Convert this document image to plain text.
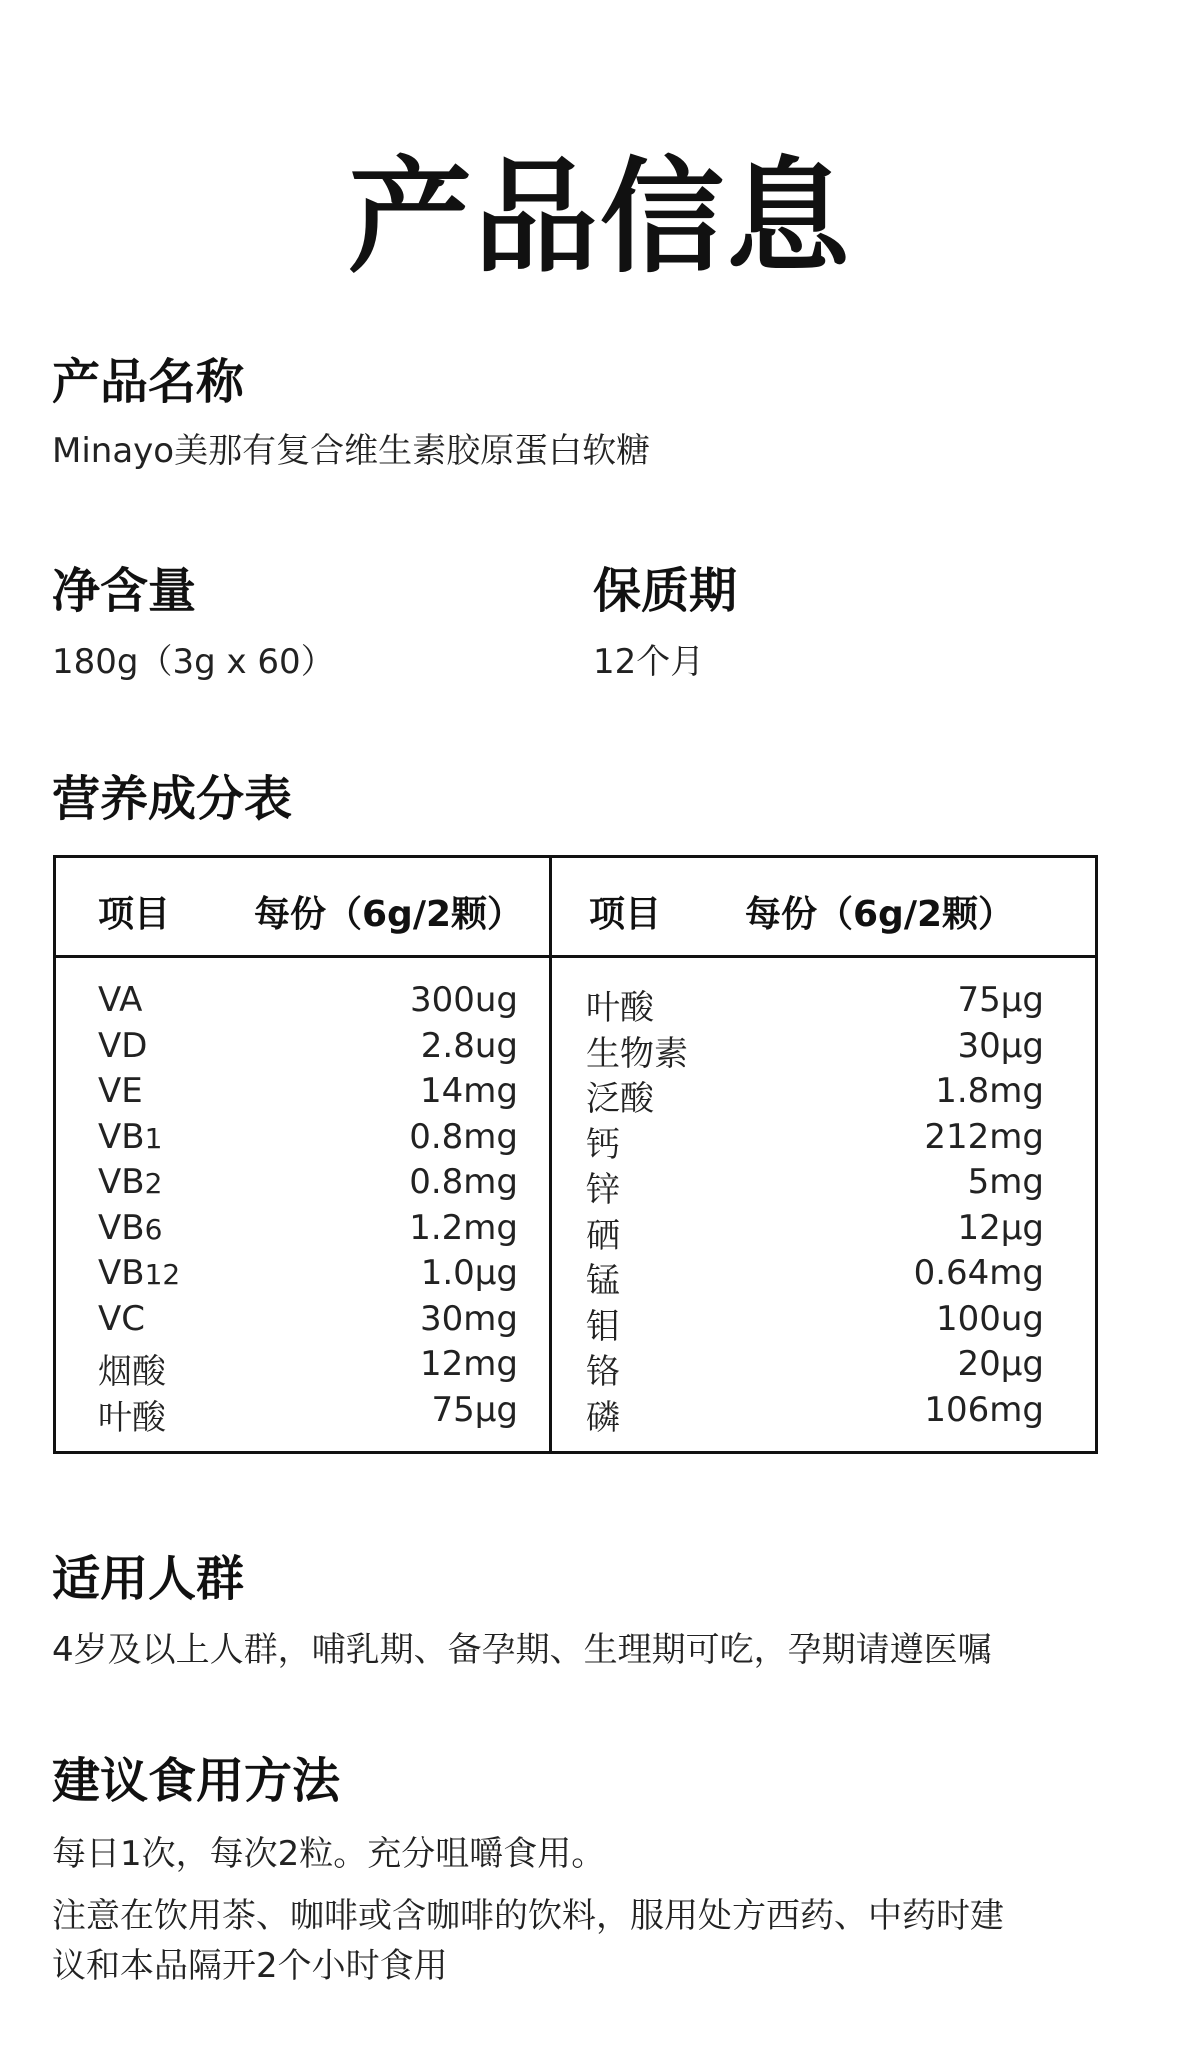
产品信息
产品名称
Minayo美那有复合维生素胶原蛋白软糖
净含量
180g（3g x 60）
保质期
12个月
营养成分表
项目 每份（6g/2颗） 项目 每份（6g/2颗）
VA	300ug
VD	2.8ug
VE	14mg
VB1	0.8mg
VB2	0.8mg
VB6	1.2mg
VB12	1.0μg
VC	30mg
烟酸	12mg
叶酸	75μg
叶酸	75μg
生物素	30μg
泛酸	1.8mg
钙	212mg
锌	5mg
硒	12μg
锰	0.64mg
钼	100ug
铬	20μg
磷	106mg
适用人群
4岁及以上人群，哺乳期、备孕期、生理期可吃，孕期请遵医嘱
建议食用方法
每日1次，每次2粒。充分咀嚼食用。
注意在饮用茶、咖啡或含咖啡的饮料，服用处方西药、中药时建
议和本品隔开2个小时食用
